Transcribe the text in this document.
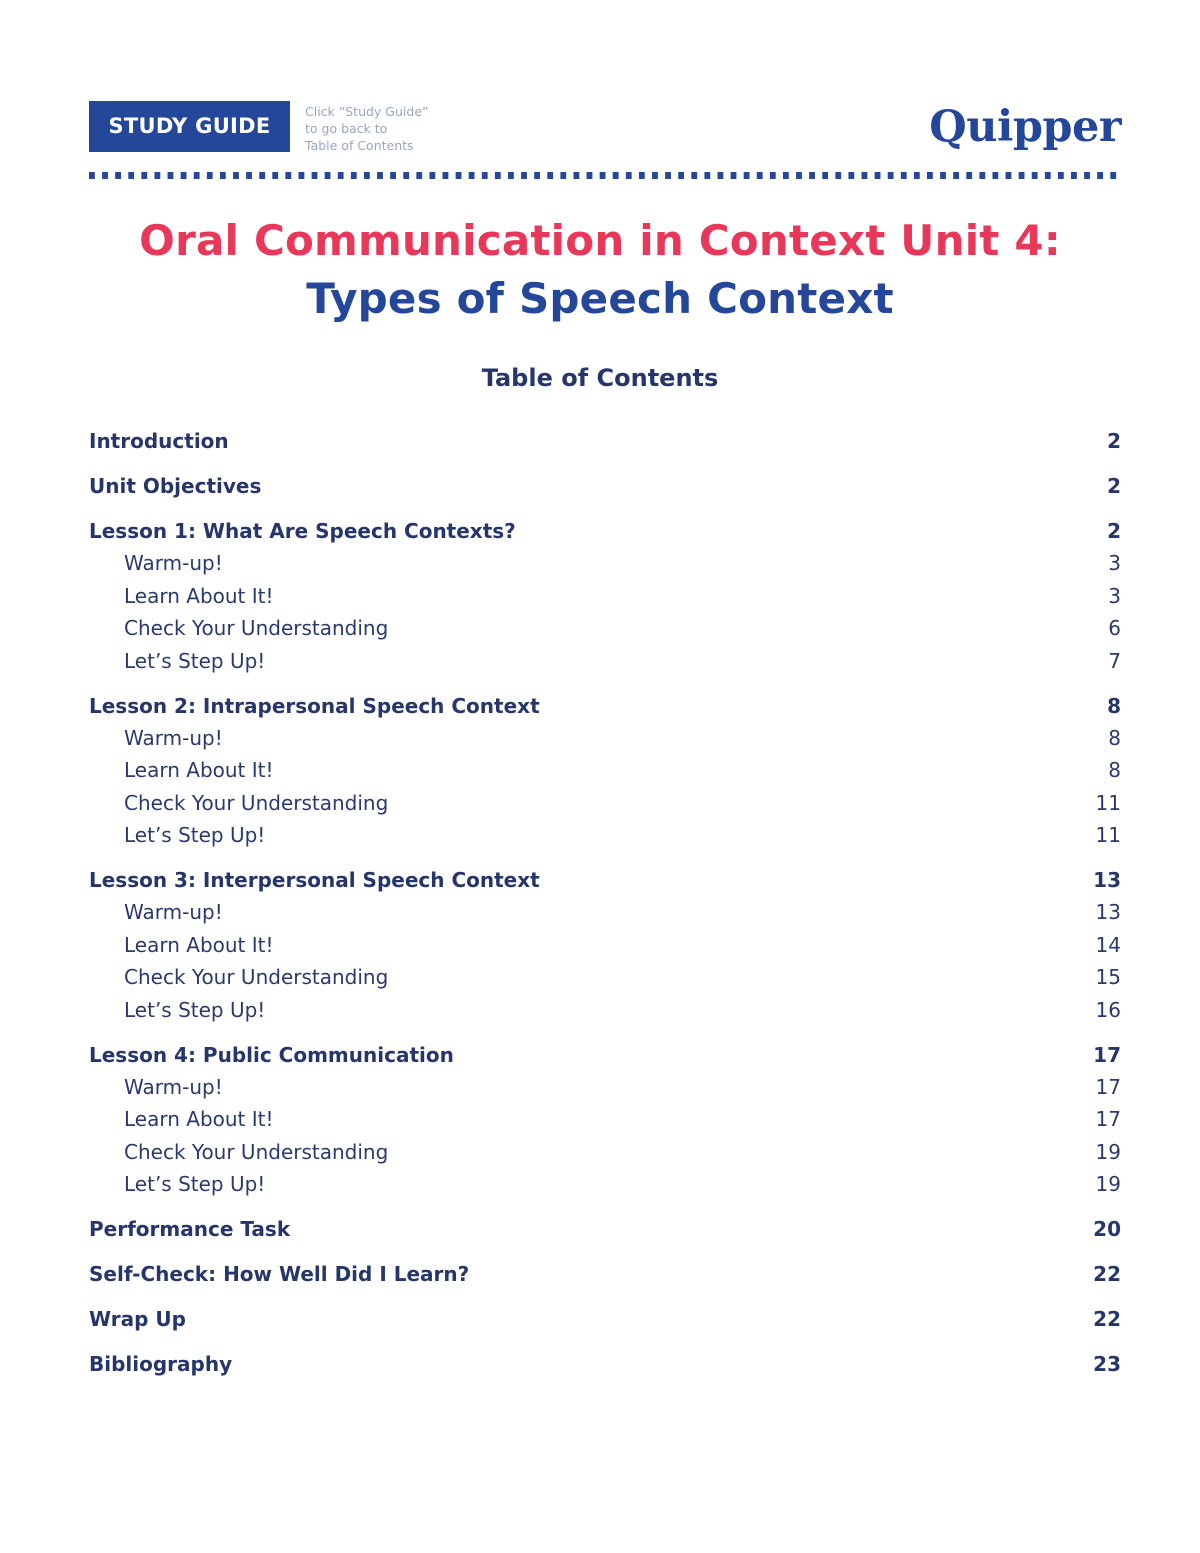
STUDY GUIDE
Click “Study Guide”
to go back to
Table of Contents	Quipper
Oral Communication in Context Unit 4:
Types of Speech Context
Table of Contents
Introduction	2
Unit Objectives	2
Lesson 1: What Are Speech Contexts?	2
Warm-up!	3
Learn About It!	3
Check Your Understanding	6
Let’s Step Up!	7
Lesson 2: Intrapersonal Speech Context	8
Warm-up!	8
Learn About It!	8
Check Your Understanding	11
Let’s Step Up!	11
Lesson 3: Interpersonal Speech Context	13
Warm-up!	13
Learn About It!	14
Check Your Understanding	15
Let’s Step Up!	16
Lesson 4: Public Communication	17
Warm-up!	17
Learn About It!	17
Check Your Understanding	19
Let’s Step Up!	19
Performance Task	20
Self-Check: How Well Did I Learn?	22
Wrap Up	22
Bibliography	23
